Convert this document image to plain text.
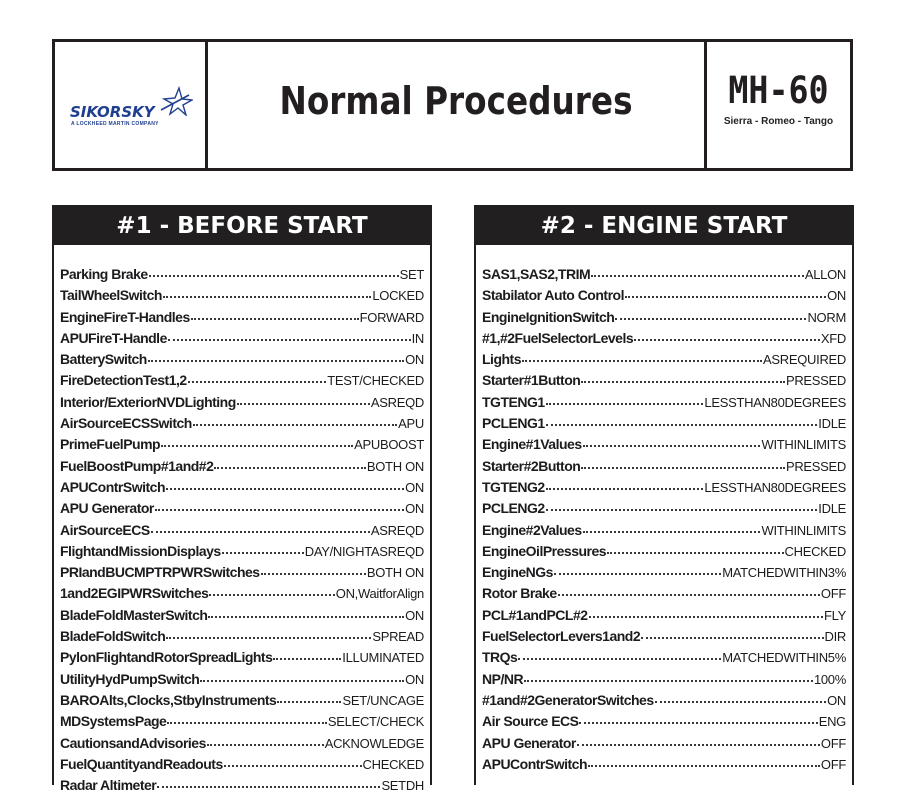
SIKORSKY
A LOCKHEED MARTIN COMPANY
Normal Procedures	MH-60
Sierra - Romeo - Tango
#1 - BEFORE START
Parking Brake	SET
TailWheelSwitch	LOCKED
EngineFireT-Handles	FORWARD
APUFireT-Handle	IN
BatterySwitch	ON
FireDetectionTest1,2	TEST/CHECKED
Interior/ExteriorNVDLighting	ASREQD
AirSourceECSSwitch	APU
PrimeFuelPump	APUBOOST
FuelBoostPump#1and#2	BOTH ON
APUContrSwitch	ON
APU Generator	ON
AirSourceECS	ASREQD
FlightandMissionDisplays	DAY/NIGHTASREQD
PRIandBUCMPTRPWRSwitches	BOTH ON
1and2EGIPWRSwitches	ON,WaitforAlign
BladeFoldMasterSwitch	ON
BladeFoldSwitch	SPREAD
PylonFlightandRotorSpreadLights	ILLUMINATED
UtilityHydPumpSwitch	ON
BAROAlts,Clocks,StbyInstruments	SET/UNCAGE
MDSystemsPage	SELECT/CHECK
CautionsandAdvisories	ACKNOWLEDGE
FuelQuantityandReadouts	CHECKED
Radar Altimeter	SETDH
#2 - ENGINE START
SAS1,SAS2,TRIM	ALLON
Stabilator Auto Control	ON
EngineIgnitionSwitch	NORM
#1,#2FuelSelectorLevels	XFD
Lights	ASREQUIRED
Starter#1Button	PRESSED
TGTENG1	LESSTHAN80DEGREES
PCLENG1	IDLE
Engine#1Values	WITHINLIMITS
Starter#2Button	PRESSED
TGTENG2	LESSTHAN80DEGREES
PCLENG2	IDLE
Engine#2Values	WITHINLIMITS
EngineOilPressures	CHECKED
EngineNGs	MATCHEDWITHIN3%
Rotor Brake	OFF
PCL#1andPCL#2	FLY
FuelSelectorLevers1and2	DIR
TRQs	MATCHEDWITHIN5%
NP/NR	100%
#1and#2GeneratorSwitches	ON
Air Source ECS	ENG
APU Generator	OFF
APUContrSwitch	OFF
